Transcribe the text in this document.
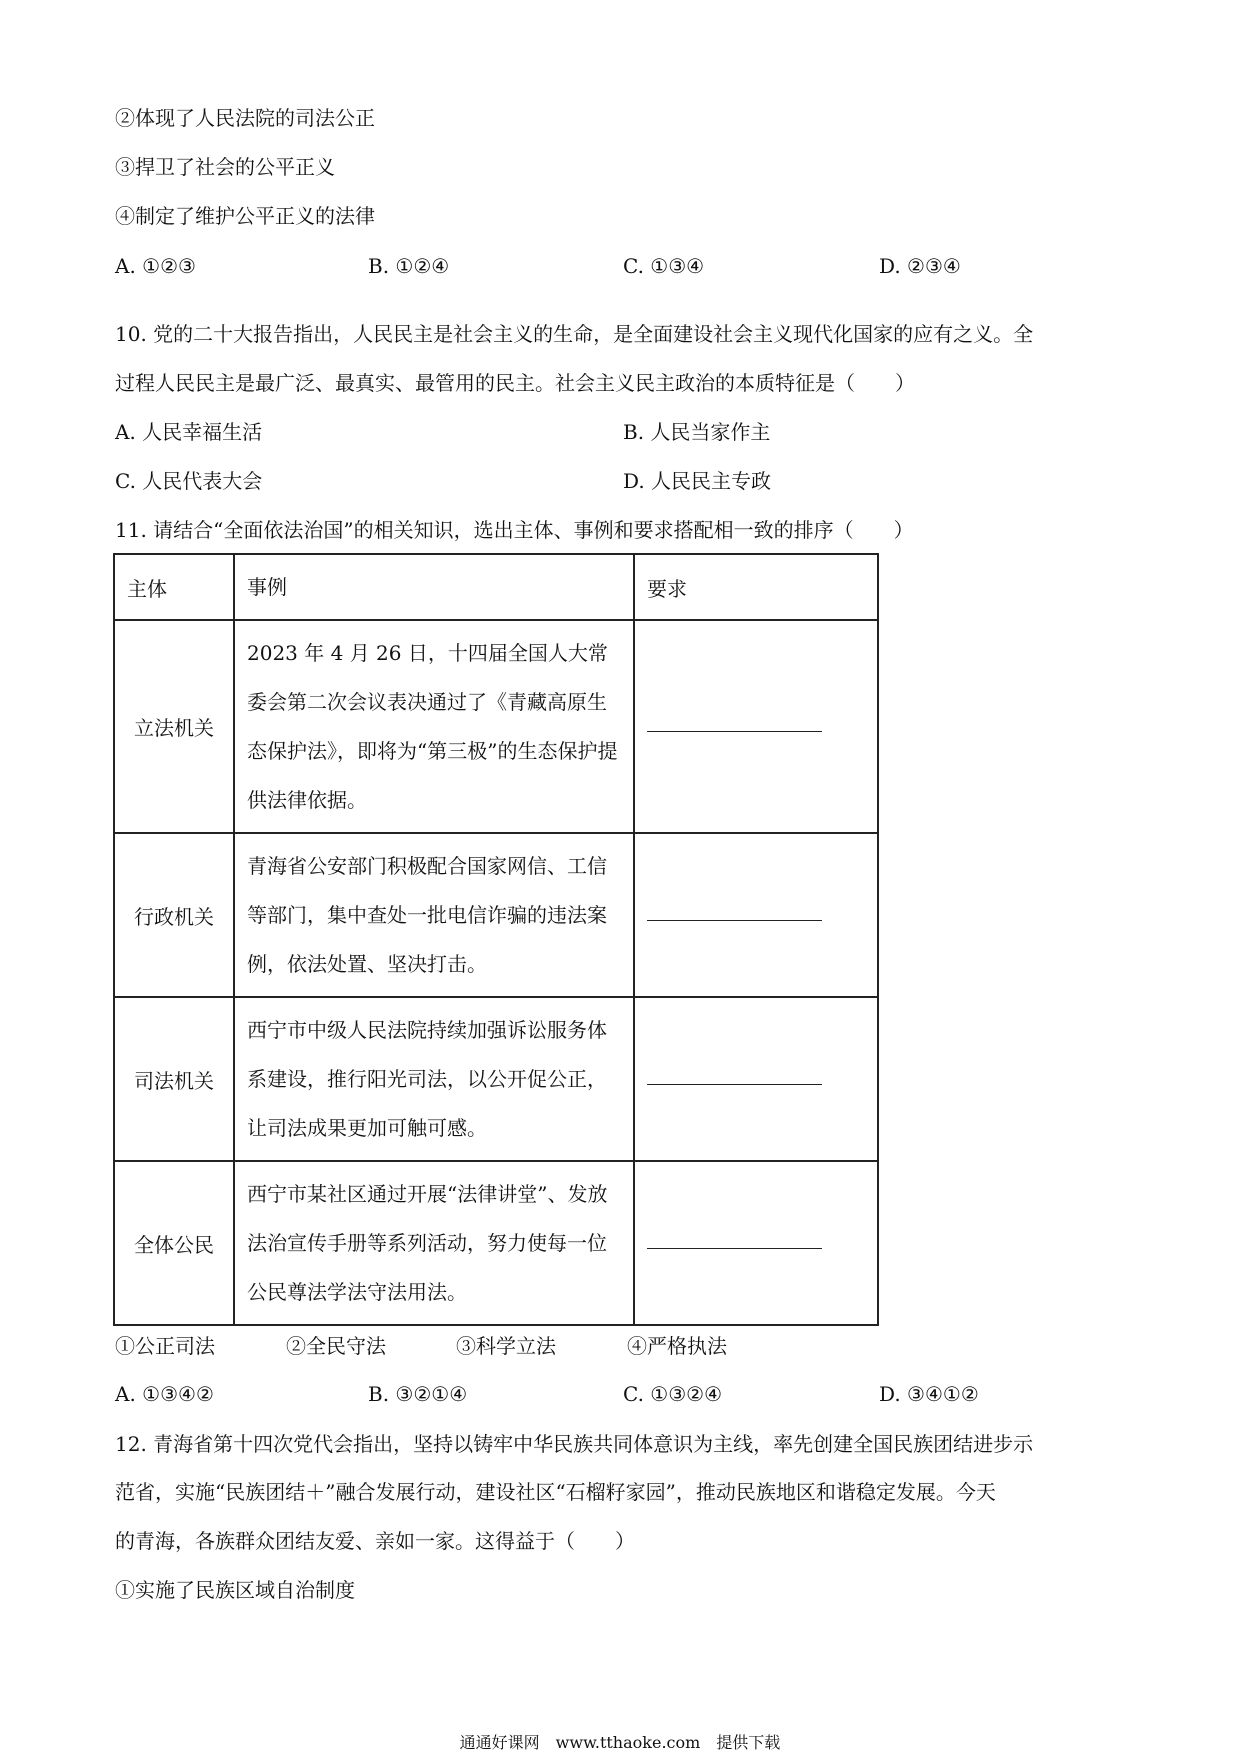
②体现了人民法院的司法公正
③捍卫了社会的公平正义
④制定了维护公平正义的法律
A. ①②③	B. ①②④	C. ①③④	D. ②③④
10. 党的二十大报告指出，人民民主是社会主义的生命，是全面建设社会主义现代化国家的应有之义。全
过程人民民主是最广泛、最真实、最管用的民主。社会主义民主政治的本质特征是（　　）
A. 人民幸福生活	B. 人民当家作主
C. 人民代表大会	D. 人民民主专政
11. 请结合“全面依法治国”的相关知识，选出主体、事例和要求搭配相一致的排序（　　）
主体	事例	要求
立法机关	2023 年 4 月 26 日，十四届全国人大常委会第二次会议表决通过了《青藏高原生态保护法》，即将为“第三极”的生态保护提供法律依据。	

行政机关	青海省公安部门积极配合国家网信、工信等部门，集中查处一批电信诈骗的违法案例，依法处置、坚决打击。	

司法机关	西宁市中级人民法院持续加强诉讼服务体系建设，推行阳光司法，以公开促公正，让司法成果更加可触可感。	

全体公民	西宁市某社区通过开展“法律讲堂”、发放法治宣传手册等系列活动，努力使每一位公民尊法学法守法用法。	
①公正司法	②全民守法	③科学立法	④严格执法
A. ①③④②	B. ③②①④	C. ①③②④	D. ③④①②
12. 青海省第十四次党代会指出，坚持以铸牢中华民族共同体意识为主线，率先创建全国民族团结进步示
范省，实施“民族团结＋”融合发展行动，建设社区“石榴籽家园”，推动民族地区和谐稳定发展。今天
的青海，各族群众团结友爱、亲如一家。这得益于（　　）
①实施了民族区域自治制度
通通好课网　www.tthaoke.com　提供下载
